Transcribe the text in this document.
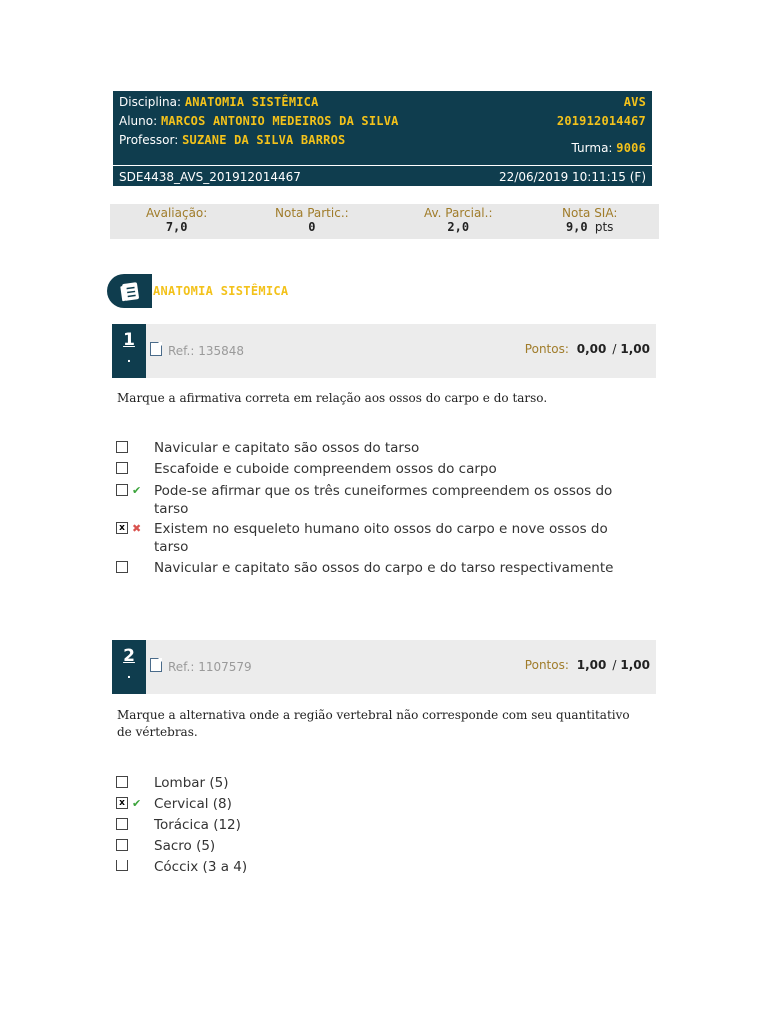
Disciplina: ANATOMIA SISTÊMICA	AVS
Aluno: MARCOS ANTONIO MEDEIROS DA SILVA	201912014467
Professor: SUZANE DA SILVA BARROS
Turma: 9006
SDE4438_AVS_201912014467	22/06/2019 10:11:15 (F)
Avaliação:
7,0
Nota Partic.:
0
Av. Parcial.:
2,0
Nota SIA:
9,0 pts
ANATOMIA SISTÊMICA
1
.
Ref.: 135848	Pontos: 0,00 / 1,00
Marque a afirmativa correta em relação aos ossos do carpo e do tarso.
Navicular e capitato são ossos do tarso
Escafoide e cuboide compreendem ossos do carpo
✔ Pode-se afirmar que os três cuneiformes compreendem os ossos do tarso
x ✖ Existem no esqueleto humano oito ossos do carpo e nove ossos do tarso
Navicular e capitato são ossos do carpo e do tarso respectivamente
2
.
Ref.: 1107579	Pontos: 1,00 / 1,00
Marque a alternativa onde a região vertebral não corresponde com seu quantitativo de vértebras.
Lombar (5)
x ✔ Cervical (8)
Torácica (12)
Sacro (5)
Cóccix (3 a 4)
